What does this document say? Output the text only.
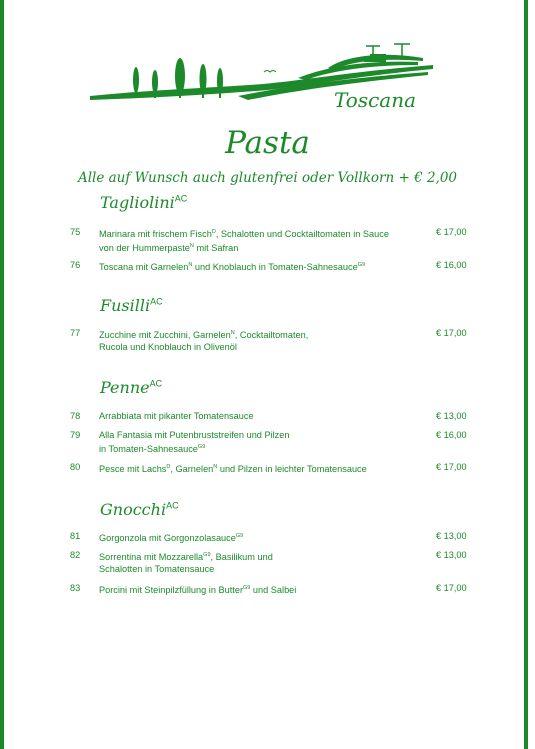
Toscana
Pasta
Alle auf Wunsch auch glutenfrei oder Vollkorn + € 2,00
Tagliolini$^{AC}$
Fusilli$^{AC}$
Penne$^{AC}$
Gnocchi$^{AC}$
75 Marinara mit frischem Fisch$^D$, Schalotten und Cocktailtomaten in Sauce
von der Hummerpaste$^N$ mit Safran
€ 17,00
76 Toscana mit Garnelen$^N$ und Knoblauch in Tomaten-Sahnesauce$^{G9}$	€ 16,00
77 Zucchine mit Zucchini, Garnelen$^N$, Cocktailtomaten,
Rucola und Knoblauch in Olivenöl
€ 17,00
78 Arrabbiata mit pikanter Tomatensauce	€ 13,00
79 Alla Fantasia mit Putenbruststreifen und Pilzen
in Tomaten-Sahnesauce$^{G9}$
€ 16,00
80 Pesce mit Lachs$^D$, Garnelen$^N$ und Pilzen in leichter Tomatensauce	€ 17,00
81 Gorgonzola mit Gorgonzolasauce$^{G9}$	€ 13,00
82 Sorrentina mit Mozzarella$^{G9}$, Basilikum und
Schalotten in Tomatensauce
€ 13,00
83 Porcini mit Steinpilzfüllung in Butter$^{G9}$ und Salbei	€ 17,00
